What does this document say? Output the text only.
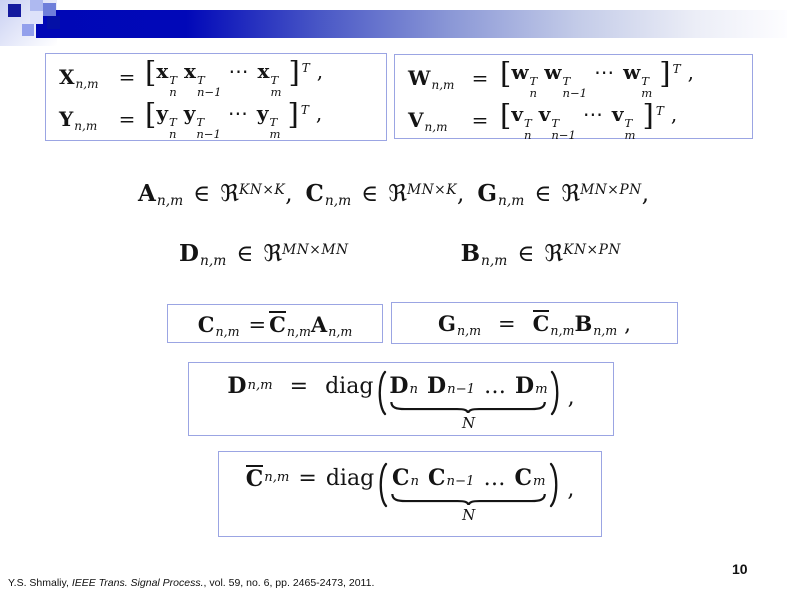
$X_{n,m}$	= [x T
n
x T
n−1
⋯ x T
m
] $^T$ ,
$Y_{n,m}$	= [y T
n
y T
n−1
⋯ y T
m
] $^T$ ,
$W_{n,m} = [w$ T
n
w T
n−1
⋯ w T
m
] $^T$ ,
$V_{n,m}$	= [v T
n
v T
n−1
⋯ v T
m
] $^T$ ,
$A_{n,m}$ ∈ ℜ$^{KN\times K}$, $C_{n,m}$ ∈ ℜ$^{MN\times K}$, $G_{n,m}$ ∈ ℜ$^{MN\times PN}$,
$D_{n,m}$ ∈ ℜ$^{MN\times MN}$	$B_{n,m}$ ∈ ℜ$^{KN\times PN}$
$C_{n,m} = C_{n,m}A_{n,m}$	$G_{n,m} = C_{n,m}B_{n,m}$ ,
D n,m = diag D n D n−1 … D m
N
,
C n,m = diag C n C n−1 … C m
N
,
Y.S. Shmaliy, IEEE Trans. Signal Process., vol. 59, no. 6, pp. 2465-2473, 2011.
10
